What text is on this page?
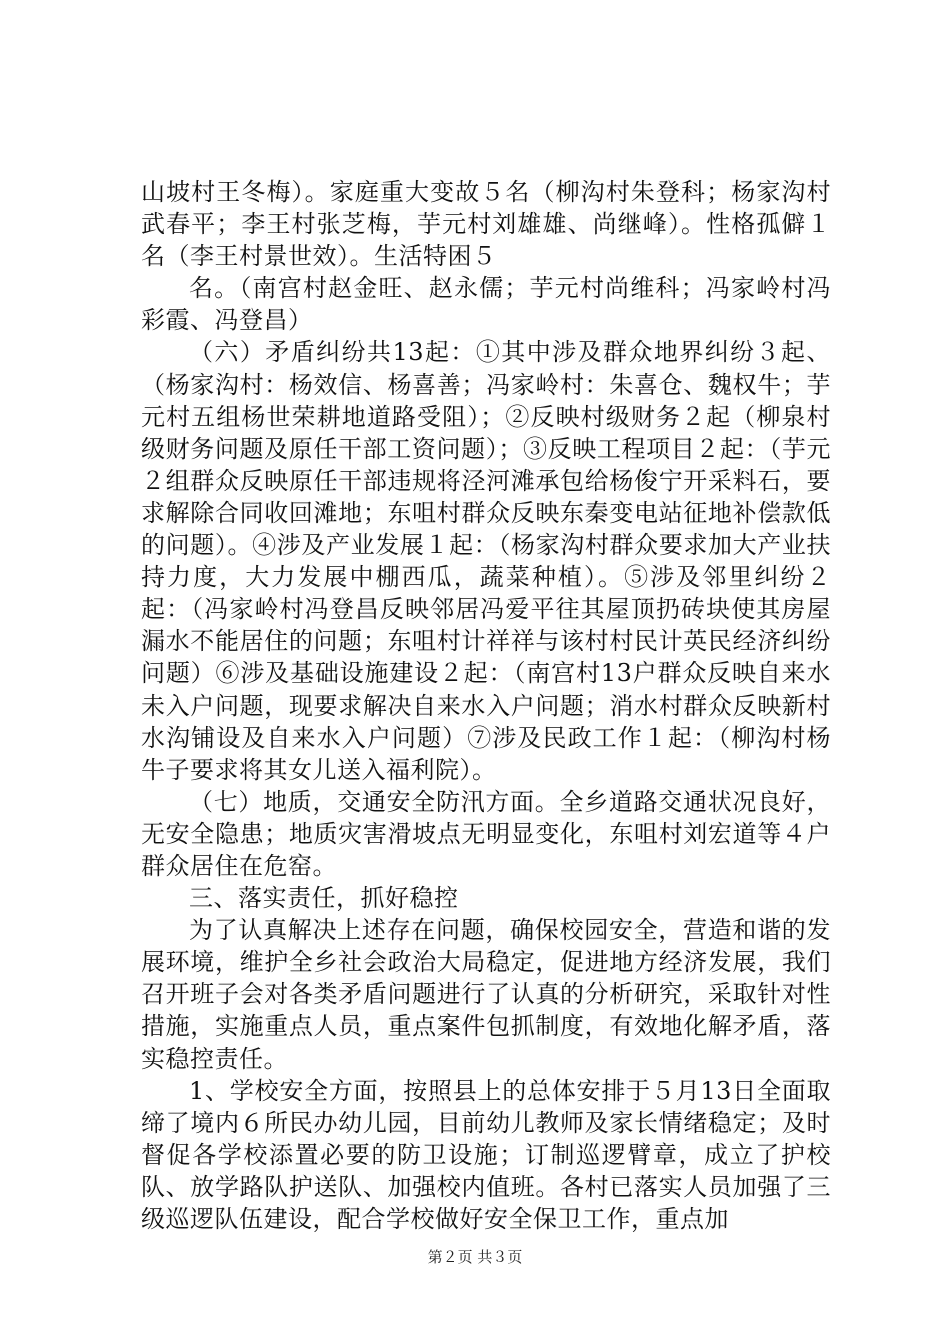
山坡村王冬梅）。家庭重大变故５名（柳沟村朱登科；杨家沟村武春平；李王村张芝梅，芋元村刘雄雄、尚继峰）。性格孤僻１名（李王村景世效）。生活特困５

名。（南宫村赵金旺、赵永儒；芋元村尚维科；冯家岭村冯彩霞、冯登昌）

（六）矛盾纠纷共13起：①其中涉及群众地界纠纷３起、（杨家沟村：杨效信、杨喜善；冯家岭村：朱喜仓、魏权牛；芋元村五组杨世荣耕地道路受阻）；②反映村级财务２起（柳泉村级财务问题及原任干部工资问题）；③反映工程项目２起：（芋元２组群众反映原任干部违规将泾河滩承包给杨俊宁开采料石，要求解除合同收回滩地；东咀村群众反映东秦变电站征地补偿款低的问题）。④涉及产业发展１起：（杨家沟村群众要求加大产业扶持力度，大力发展中棚西瓜，蔬菜种植）。⑤涉及邻里纠纷２起：（冯家岭村冯登昌反映邻居冯爱平往其屋顶扔砖块使其房屋漏水不能居住的问题；东咀村计祥祥与该村村民计英民经济纠纷问题）⑥涉及基础设施建设２起：（南宫村13户群众反映自来水未入户问题，现要求解决自来水入户问题；消水村群众反映新村水沟铺设及自来水入户问题）⑦涉及民政工作１起：（柳沟村杨牛子要求将其女儿送入福利院）。

（七）地质，交通安全防汛方面。全乡道路交通状况良好，无安全隐患；地质灾害滑坡点无明显变化，东咀村刘宏道等４户群众居住在危窑。

三、落实责任，抓好稳控

为了认真解决上述存在问题，确保校园安全，营造和谐的发展环境，维护全乡社会政治大局稳定，促进地方经济发展，我们召开班子会对各类矛盾问题进行了认真的分析研究，采取针对性措施，实施重点人员，重点案件包抓制度，有效地化解矛盾，落实稳控责任。

1、学校安全方面，按照县上的总体安排于５月13日全面取缔了境内６所民办幼儿园，目前幼儿教师及家长情绪稳定；及时督促各学校添置必要的防卫设施；订制巡逻臂章，成立了护校队、放学路队护送队、加强校内值班。各村已落实人员加强了三级巡逻队伍建设，配合学校做好安全保卫工作，重点加

第２页 共３页
